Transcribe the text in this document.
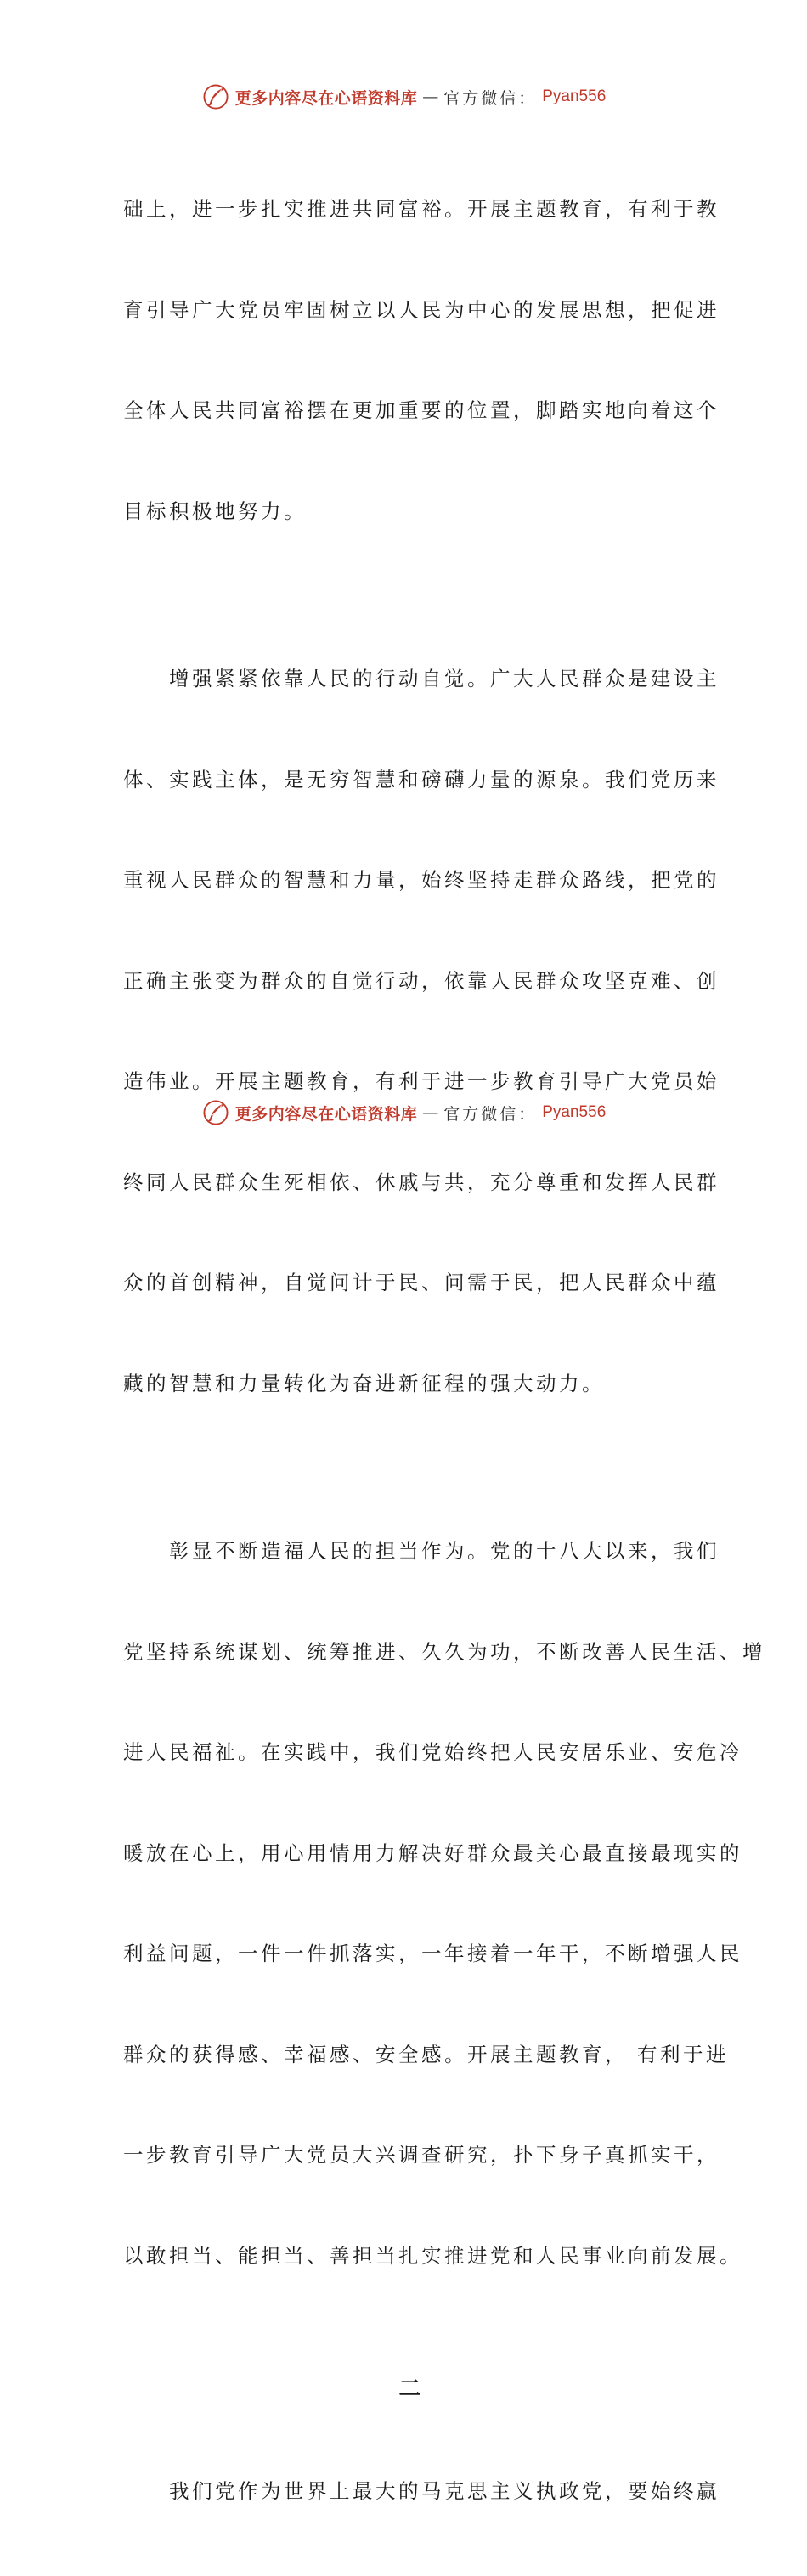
更多内容尽在心语资料库 — 官方微信： Pyan556

础上，进一步扎实推进共同富裕。开展主题教育，有利于教

育引导广大党员牢固树立以人民为中心的发展思想，把促进

全体人民共同富裕摆在更加重要的位置，脚踏实地向着这个

目标积极地努力。

　　增强紧紧依靠人民的行动自觉。广大人民群众是建设主

体、实践主体，是无穷智慧和磅礴力量的源泉。我们党历来

重视人民群众的智慧和力量，始终坚持走群众路线，把党的

正确主张变为群众的自觉行动，依靠人民群众攻坚克难、创

造伟业。开展主题教育，有利于进一步教育引导广大党员始

终同人民群众生死相依、休戚与共，充分尊重和发挥人民群

众的首创精神，自觉问计于民、问需于民，把人民群众中蕴

藏的智慧和力量转化为奋进新征程的强大动力。

　　彰显不断造福人民的担当作为。党的十八大以来，我们

党坚持系统谋划、统筹推进、久久为功，不断改善人民生活、增

进人民福祉。在实践中，我们党始终把人民安居乐业、安危冷

暖放在心上，用心用情用力解决好群众最关心最直接最现实的

利益问题，一件一件抓落实，一年接着一年干，不断增强人民

群众的获得感、幸福感、安全感。开展主题教育， 有利于进

一步教育引导广大党员大兴调查研究，扑下身子真抓实干，

以敢担当、能担当、善担当扎实推进党和人民事业向前发展。

二

　　我们党作为世界上最大的马克思主义执政党，要始终赢

更多内容尽在心语资料库 — 官方微信： Pyan556
